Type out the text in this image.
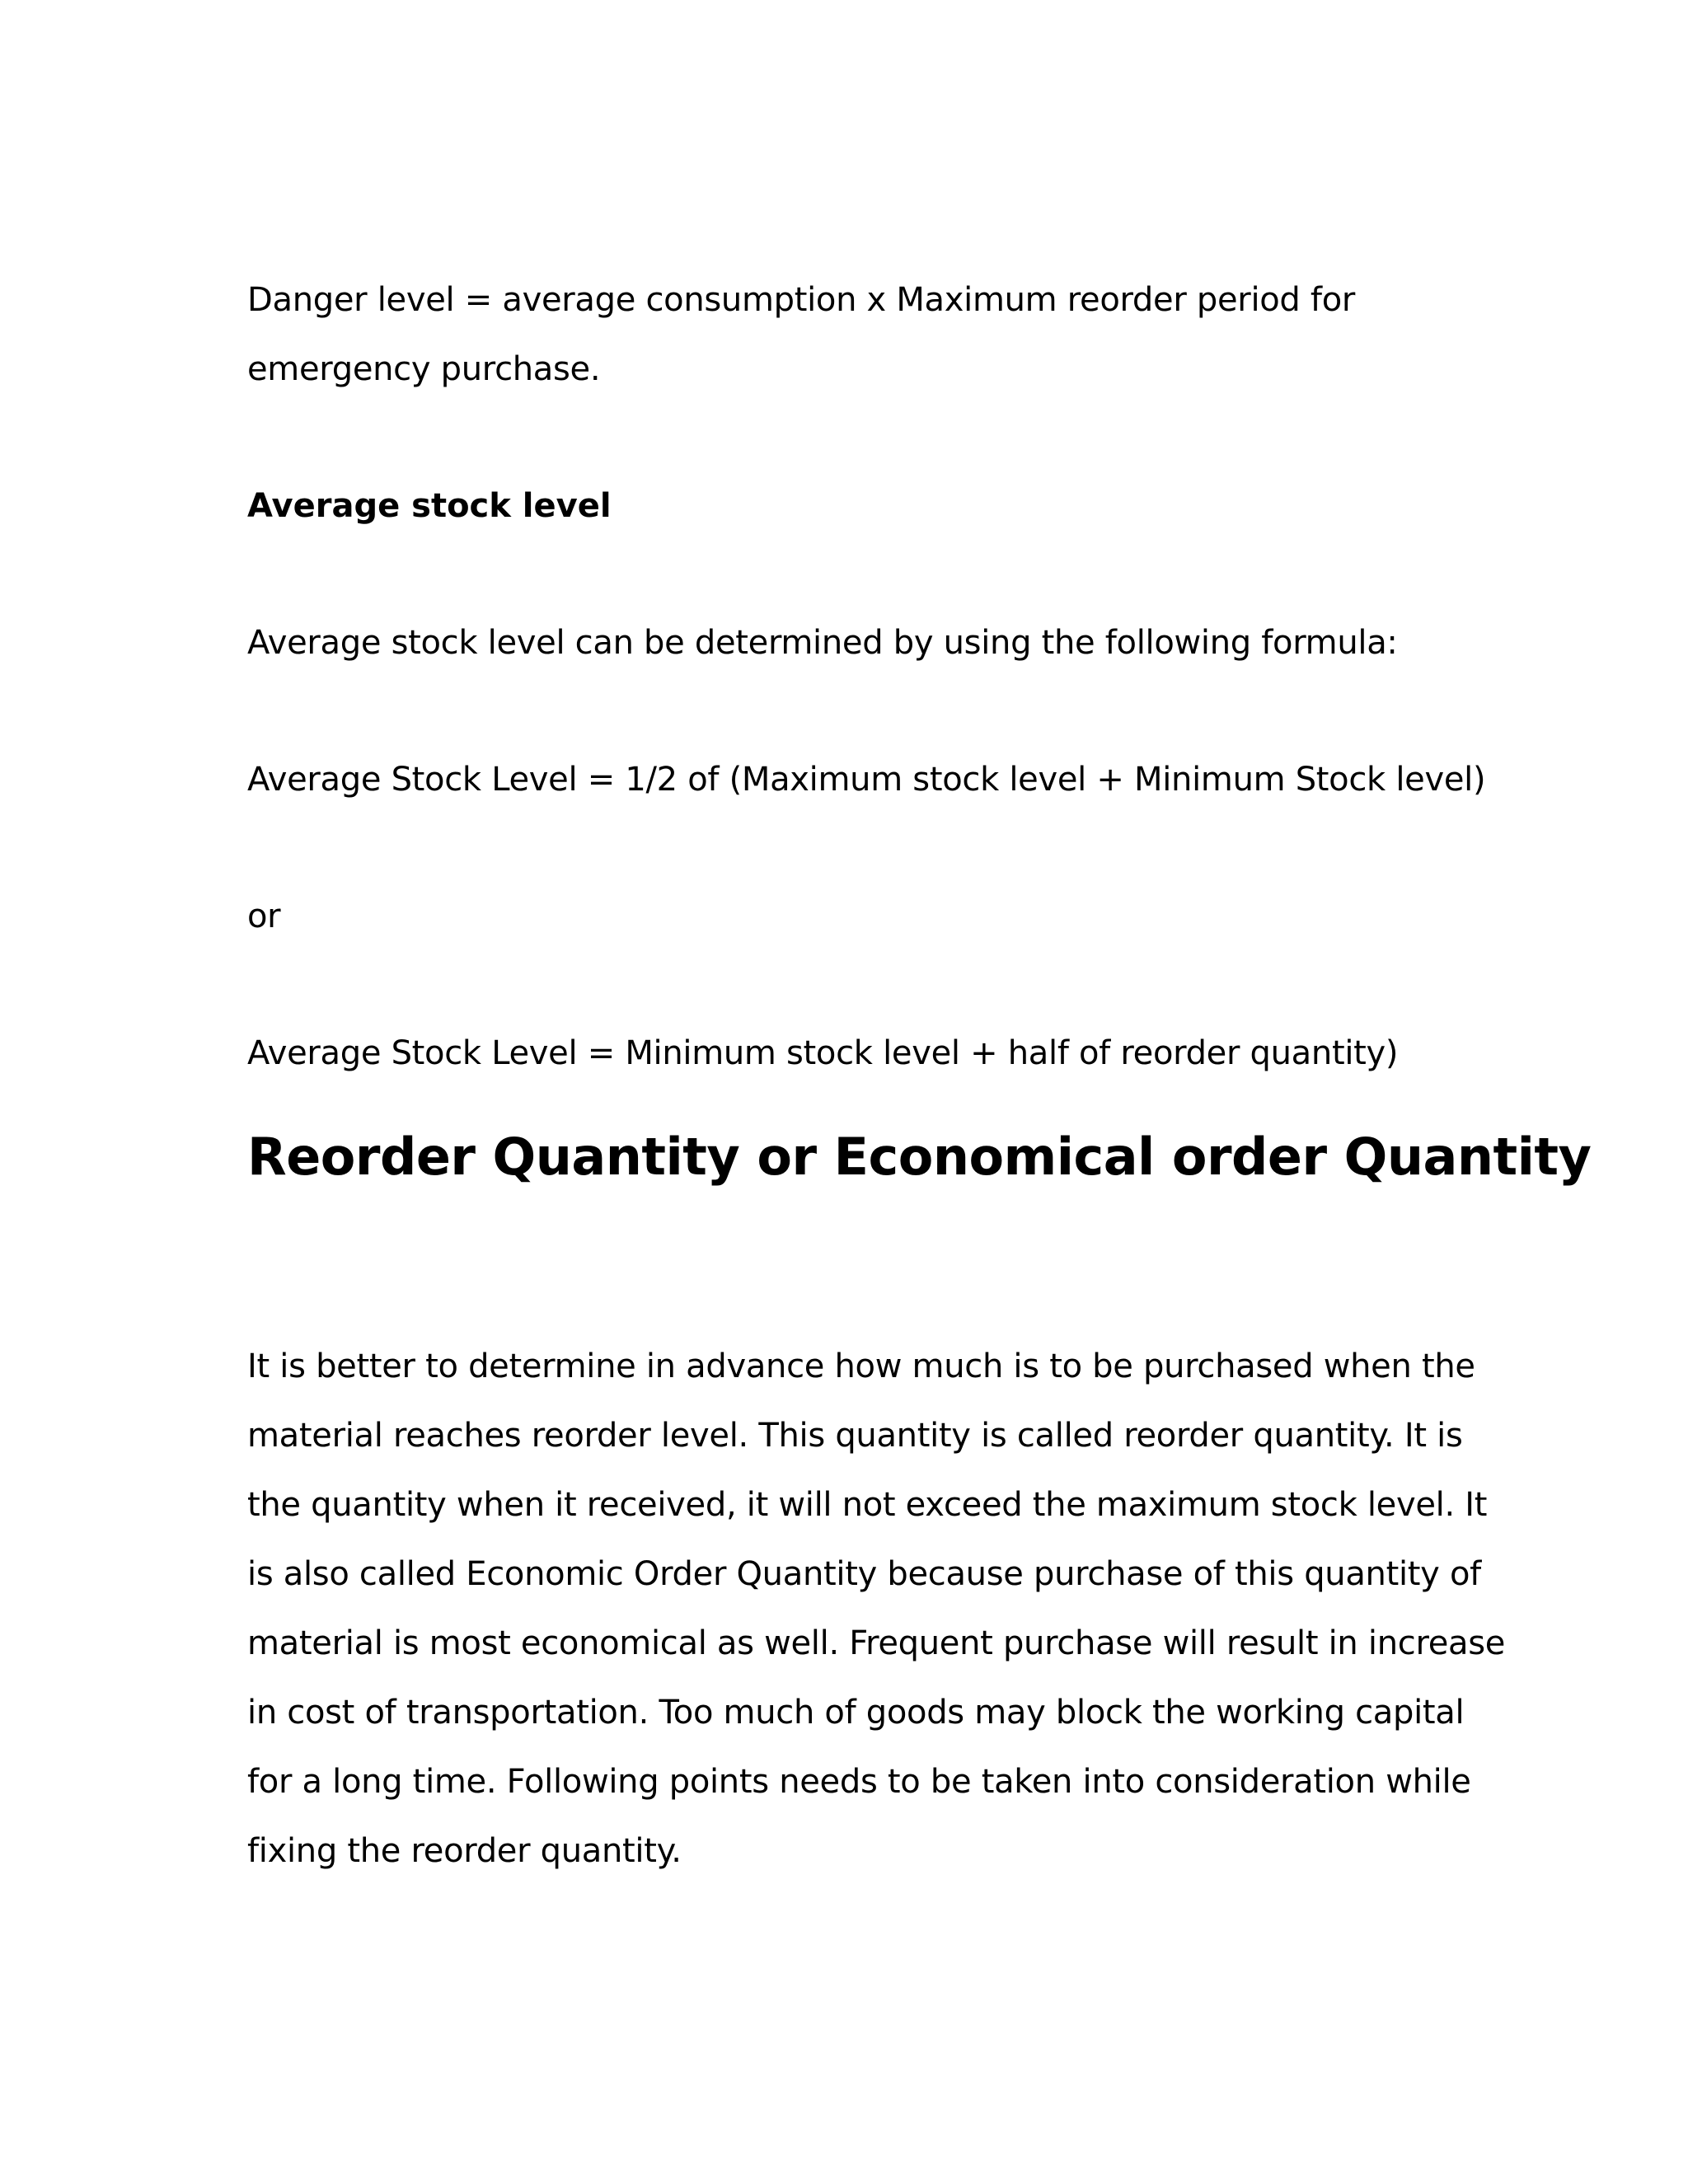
Danger level = average consumption x Maximum reorder period for

emergency purchase.

Average stock level

Average stock level can be determined by using the following formula:

Average Stock Level = 1/2 of (Maximum stock level + Minimum Stock level)

or

Average Stock Level = Minimum stock level + half of reorder quantity)

Reorder Quantity or Economical order Quantity

It is better to determine in advance how much is to be purchased when the

material reaches reorder level. This quantity is called reorder quantity. It is

the quantity when it received, it will not exceed the maximum stock level. It

is also called Economic Order Quantity because purchase of this quantity of

material is most economical as well. Frequent purchase will result in increase

in cost of transportation. Too much of goods may block the working capital

for a long time. Following points needs to be taken into consideration while

fixing the reorder quantity.
